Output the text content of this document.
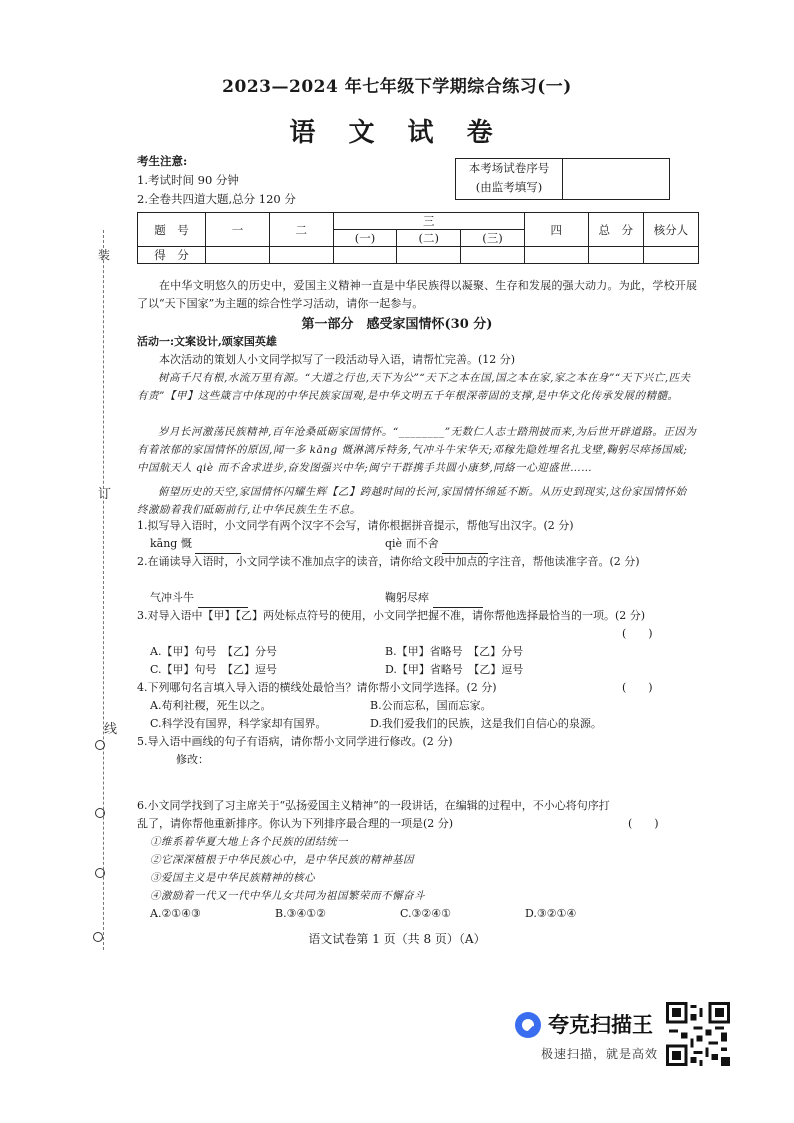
2023—2024 年七年级下学期综合练习(一)
语 文 试 卷
考生注意:
1.考试时间 90 分钟
2.全卷共四道大题,总分 120 分
本考场试卷序号
(由监考填写)
题　号	一	二	三			四	总　分	核分人
			(一)	(二)	(三)			
得　分								
在中华文明悠久的历史中，爱国主义精神一直是中华民族得以凝聚、生存和发展的强大动力。为此，学校开展了以“天下国家”为主题的综合性学习活动，请你一起参与。
第一部分　感受家国情怀(30 分)
活动一:文案设计,颂家国英雄
本次活动的策划人小文同学拟写了一段活动导入语，请帮忙完善。(12 分)
树高千尺有根,水流万里有源。“大道之行也,天下为公”“天下之本在国,国之本在家,家之本在身”“天下兴亡,匹夫有责”【甲】这些箴言中体现的中华民族家国观,是中华文明五千年根深蒂固的支撑,是中华文化传承发展的精髓。
岁月长河激荡民族精神,百年沧桑砥砺家国情怀。“________”无数仁人志士踏荆披而来,为后世开辟道路。正因为有着浓郁的家国情怀的原因,闻一多 kāng 慨淋漓斥特务,气冲斗牛宋华天;邓稼先隐姓埋名扎戈壁,鞠躬尽瘁扬国威;中国航天人 qiè 而不舍求进步,奋发图强兴中华;闽宁干群携手共圆小康梦,同絡一心迎盛世……
俯望历史的天空,家国情怀闪耀生辉【乙】跨越时间的长河,家国情怀绵延不断。从历史到现实,这份家国情怀始终激励着我们砥砺前行,让中华民族生生不息。
1.拟写导入语时，小文同学有两个汉字不会写，请你根据拼音提示，帮他写出汉字。(2 分)
kāng 慨	qiè 而不舍
2.在诵读导入语时，小文同学读不准加点字的读音，请你给文段中加点的字注音，帮他读准字音。(2 分)
气冲斗牛	鞠躬尽瘁
3.对导入语中【甲】【乙】两处标点符号的使用，小文同学把握不准，请你帮他选择最恰当的一项。(2 分)
(　　)
A.【甲】句号　【乙】分号	B.【甲】省略号　【乙】分号
C.【甲】句号　【乙】逗号	D.【甲】省略号　【乙】逗号
4.下列哪句名言填入导入语的横线处最恰当？请你帮小文同学选择。(2 分)	(　　)
A.苟利社稷，死生以之。	B.公而忘私，国而忘家。
C.科学没有国界，科学家却有国界。	D.我们爱我们的民族，这是我们自信心的泉源。
5.导入语中画线的句子有语病，请你帮小文同学进行修改。(2 分)
修改：
6.小文同学找到了习主席关于“弘扬爱国主义精神”的一段讲话，在编辑的过程中，不小心将句序打乱了，请你帮他重新排序。你认为下列排序最合理的一项是(2 分)	(　　)
①维系着华夏大地上各个民族的团结统一
②它深深植根于中华民族心中，是中华民族的精神基因
③爱国主义是中华民族精神的核心
④激励着一代又一代中华儿女共同为祖国繁荣而不懈奋斗
A.②①④③	B.③④①②	C.③②④①	D.③②①④
语文试卷第 1 页（共 8 页）（A）
装
订
线
夸克扫描王
极速扫描，就是高效
